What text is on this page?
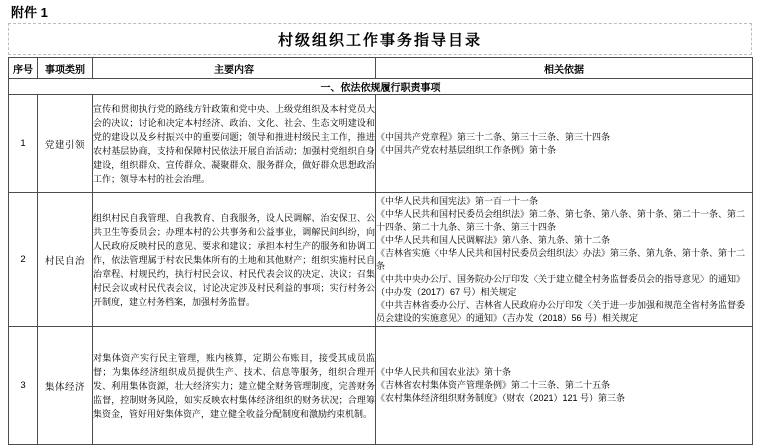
附件 1
村级组织工作事务指导目录
序号	事项类别	主要内容	相关依据
一、依法依规履行职责事项			
1	党建引领	宣传和贯彻执行党的路线方针政策和党中央、上级党组织及本村党员大会的决议；讨论和决定本村经济、政治、文化、社会、生态文明建设和党的建设以及乡村振兴中的重要问题；领导和推进村级民主工作，推进农村基层协商，支持和保障村民依法开展自治活动；加强村党组织自身建设，组织群众、宣传群众、凝聚群众、服务群众，做好群众思想政治工作；领导本村的社会治理。	《中国共产党章程》第三十二条、第三十三条、第三十四条
《中国共产党农村基层组织工作条例》第十条

2	村民自治	组织村民自我管理、自我教育、自我服务，设人民调解、治安保卫、公共卫生等委员会；办理本村的公共事务和公益事业，调解民间纠纷，向人民政府反映村民的意见、要求和建议；承担本村生产的服务和协调工作，依法管理属于村农民集体所有的土地和其他财产；组织实施村民自治章程、村规民约，执行村民会议、村民代表会议的决定、决议；召集村民会议或村民代表会议，讨论决定涉及村民利益的事项；实行村务公开制度，建立村务档案，加强村务监督。	
《中华人民共和国宪法》第一百一十一条
《中华人民共和国村民委员会组织法》第二条、第七条、第八条、第十条、第二十一条、第二十四条、第二十九条、第三十条、第三十四条
《中华人民共和国人民调解法》第八条、第九条、第十二条
《吉林省实施〈中华人民共和国村民委员会组织法〉办法》第三条、第九条、第十条、第十二条
《中共中央办公厅、国务院办公厅印发〈关于建立健全村务监督委员会的指导意见〉的通知》（中办发（2017）67 号）相关规定
《中共吉林省委办公厅、吉林省人民政府办公厅印发〈关于进一步加强和规范全省村务监督委员会建设的实施意见〉的通知》（吉办发（2018）56 号）相关规定

3	集体经济	对集体资产实行民主管理，账内核算，定期公布账目，接受其成员监督；为集体经济组织成员提供生产、技术、信息等服务，组织合理开发、利用集体资源，壮大经济实力；建立健全财务管理制度，完善财务监督，控制财务风险，如实反映农村集体经济组织的财务状况；合理筹集资金，管好用好集体资产，建立健全收益分配制度和激励约束机制。	《中华人民共和国农业法》第十条
《吉林省农村集体资产管理条例》第二十三条、第二十五条
《农村集体经济组织财务制度》（财农（2021）121 号）第三条
